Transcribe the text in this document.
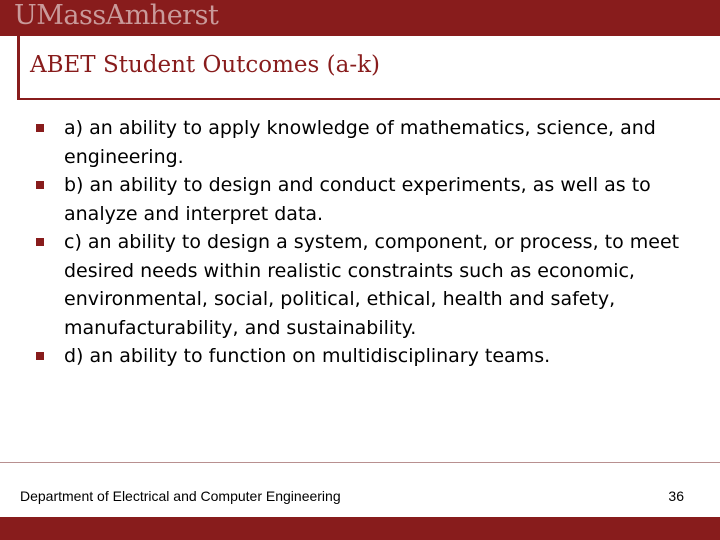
UMassAmherst
ABET Student Outcomes (a-k)
a) an ability to apply knowledge of mathematics, science, and engineering.
b) an ability to design and conduct experiments, as well as to analyze and interpret data.
c) an ability to design a system, component, or process, to meet desired needs within realistic constraints such as economic, environmental, social, political, ethical, health and safety, manufacturability, and sustainability.
d) an ability to function on multidisciplinary teams.
Department of Electrical and Computer Engineering	36
